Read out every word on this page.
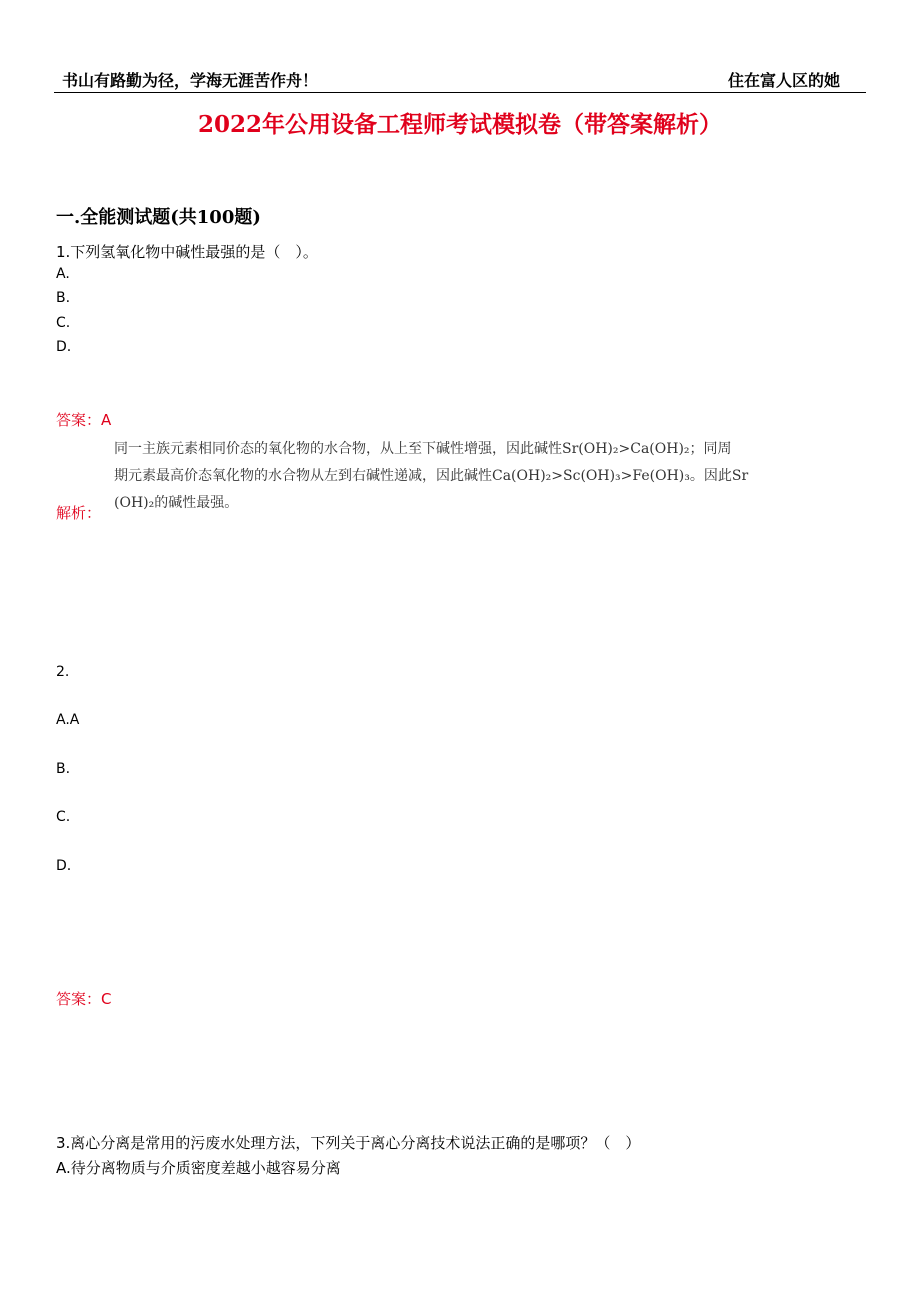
书山有路勤为径，学海无涯苦作舟！	住在富人区的她
2022年公用设备工程师考试模拟卷（带答案解析）
一.全能测试题(共100题)
1.下列氢氧化物中碱性最强的是（　）。
A.
B.
C.
D.
答案：A
解析：
同一主族元素相同价态的氧化物的水合物，从上至下碱性增强，因此碱性Sr(OH)₂>Ca(OH)₂；同周
期元素最高价态氧化物的水合物从左到右碱性递减，因此碱性Ca(OH)₂>Sc(OH)₃>Fe(OH)₃。因此Sr
(OH)₂的碱性最强。
2.
A.A
B.
C.
D.
答案：C
3.离心分离是常用的污废水处理方法，下列关于离心分离技术说法正确的是哪项？（　）
A.待分离物质与介质密度差越小越容易分离
